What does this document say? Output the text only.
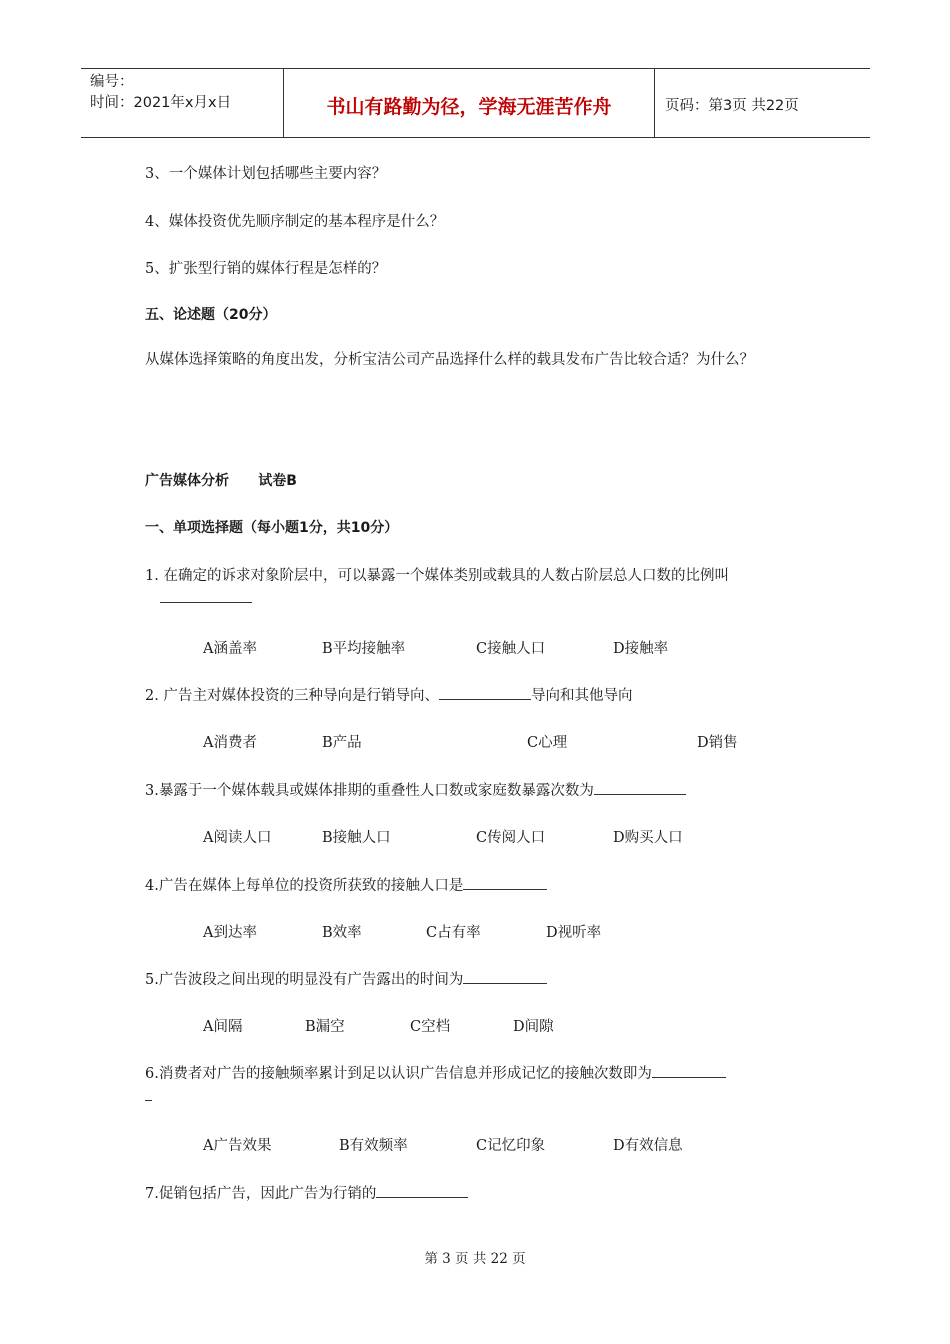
编号：
时间：2021年x月x日	书山有路勤为径，学海无涯苦作舟	页码：第3页 共22页
3、一个媒体计划包括哪些主要内容？
4、媒体投资优先顺序制定的基本程序是什么？
5、扩张型行销的媒体行程是怎样的？
五、论述题（20分）
从媒体选择策略的角度出发，分析宝洁公司产品选择什么样的载具发布广告比较合适？为什么？
广告媒体分析      试卷B
一、单项选择题（每小题1分，共10分）
1. 在确定的诉求对象阶层中，可以暴露一个媒体类别或载具的人数占阶层总人口数的比例叫
A涵盖率	B平均接触率	C接触人口	D接触率
2. 广告主对媒体投资的三种导向是行销导向、	导向和其他导向
A消费者	B产品	C心理	D销售
3.暴露于一个媒体载具或媒体排期的重叠性人口数或家庭数暴露次数为
A阅读人口	B接触人口	C传阅人口	D购买人口
4.广告在媒体上每单位的投资所获致的接触人口是
A到达率	B效率	C占有率	D视听率
5.广告波段之间出现的明显没有广告露出的时间为
A间隔	B漏空	C空档	D间隙
6.消费者对广告的接触频率累计到足以认识广告信息并形成记忆的接触次数即为
A广告效果	B有效频率	C记忆印象	D有效信息
7.促销包括广告，因此广告为行销的
第 3 页 共 22 页
